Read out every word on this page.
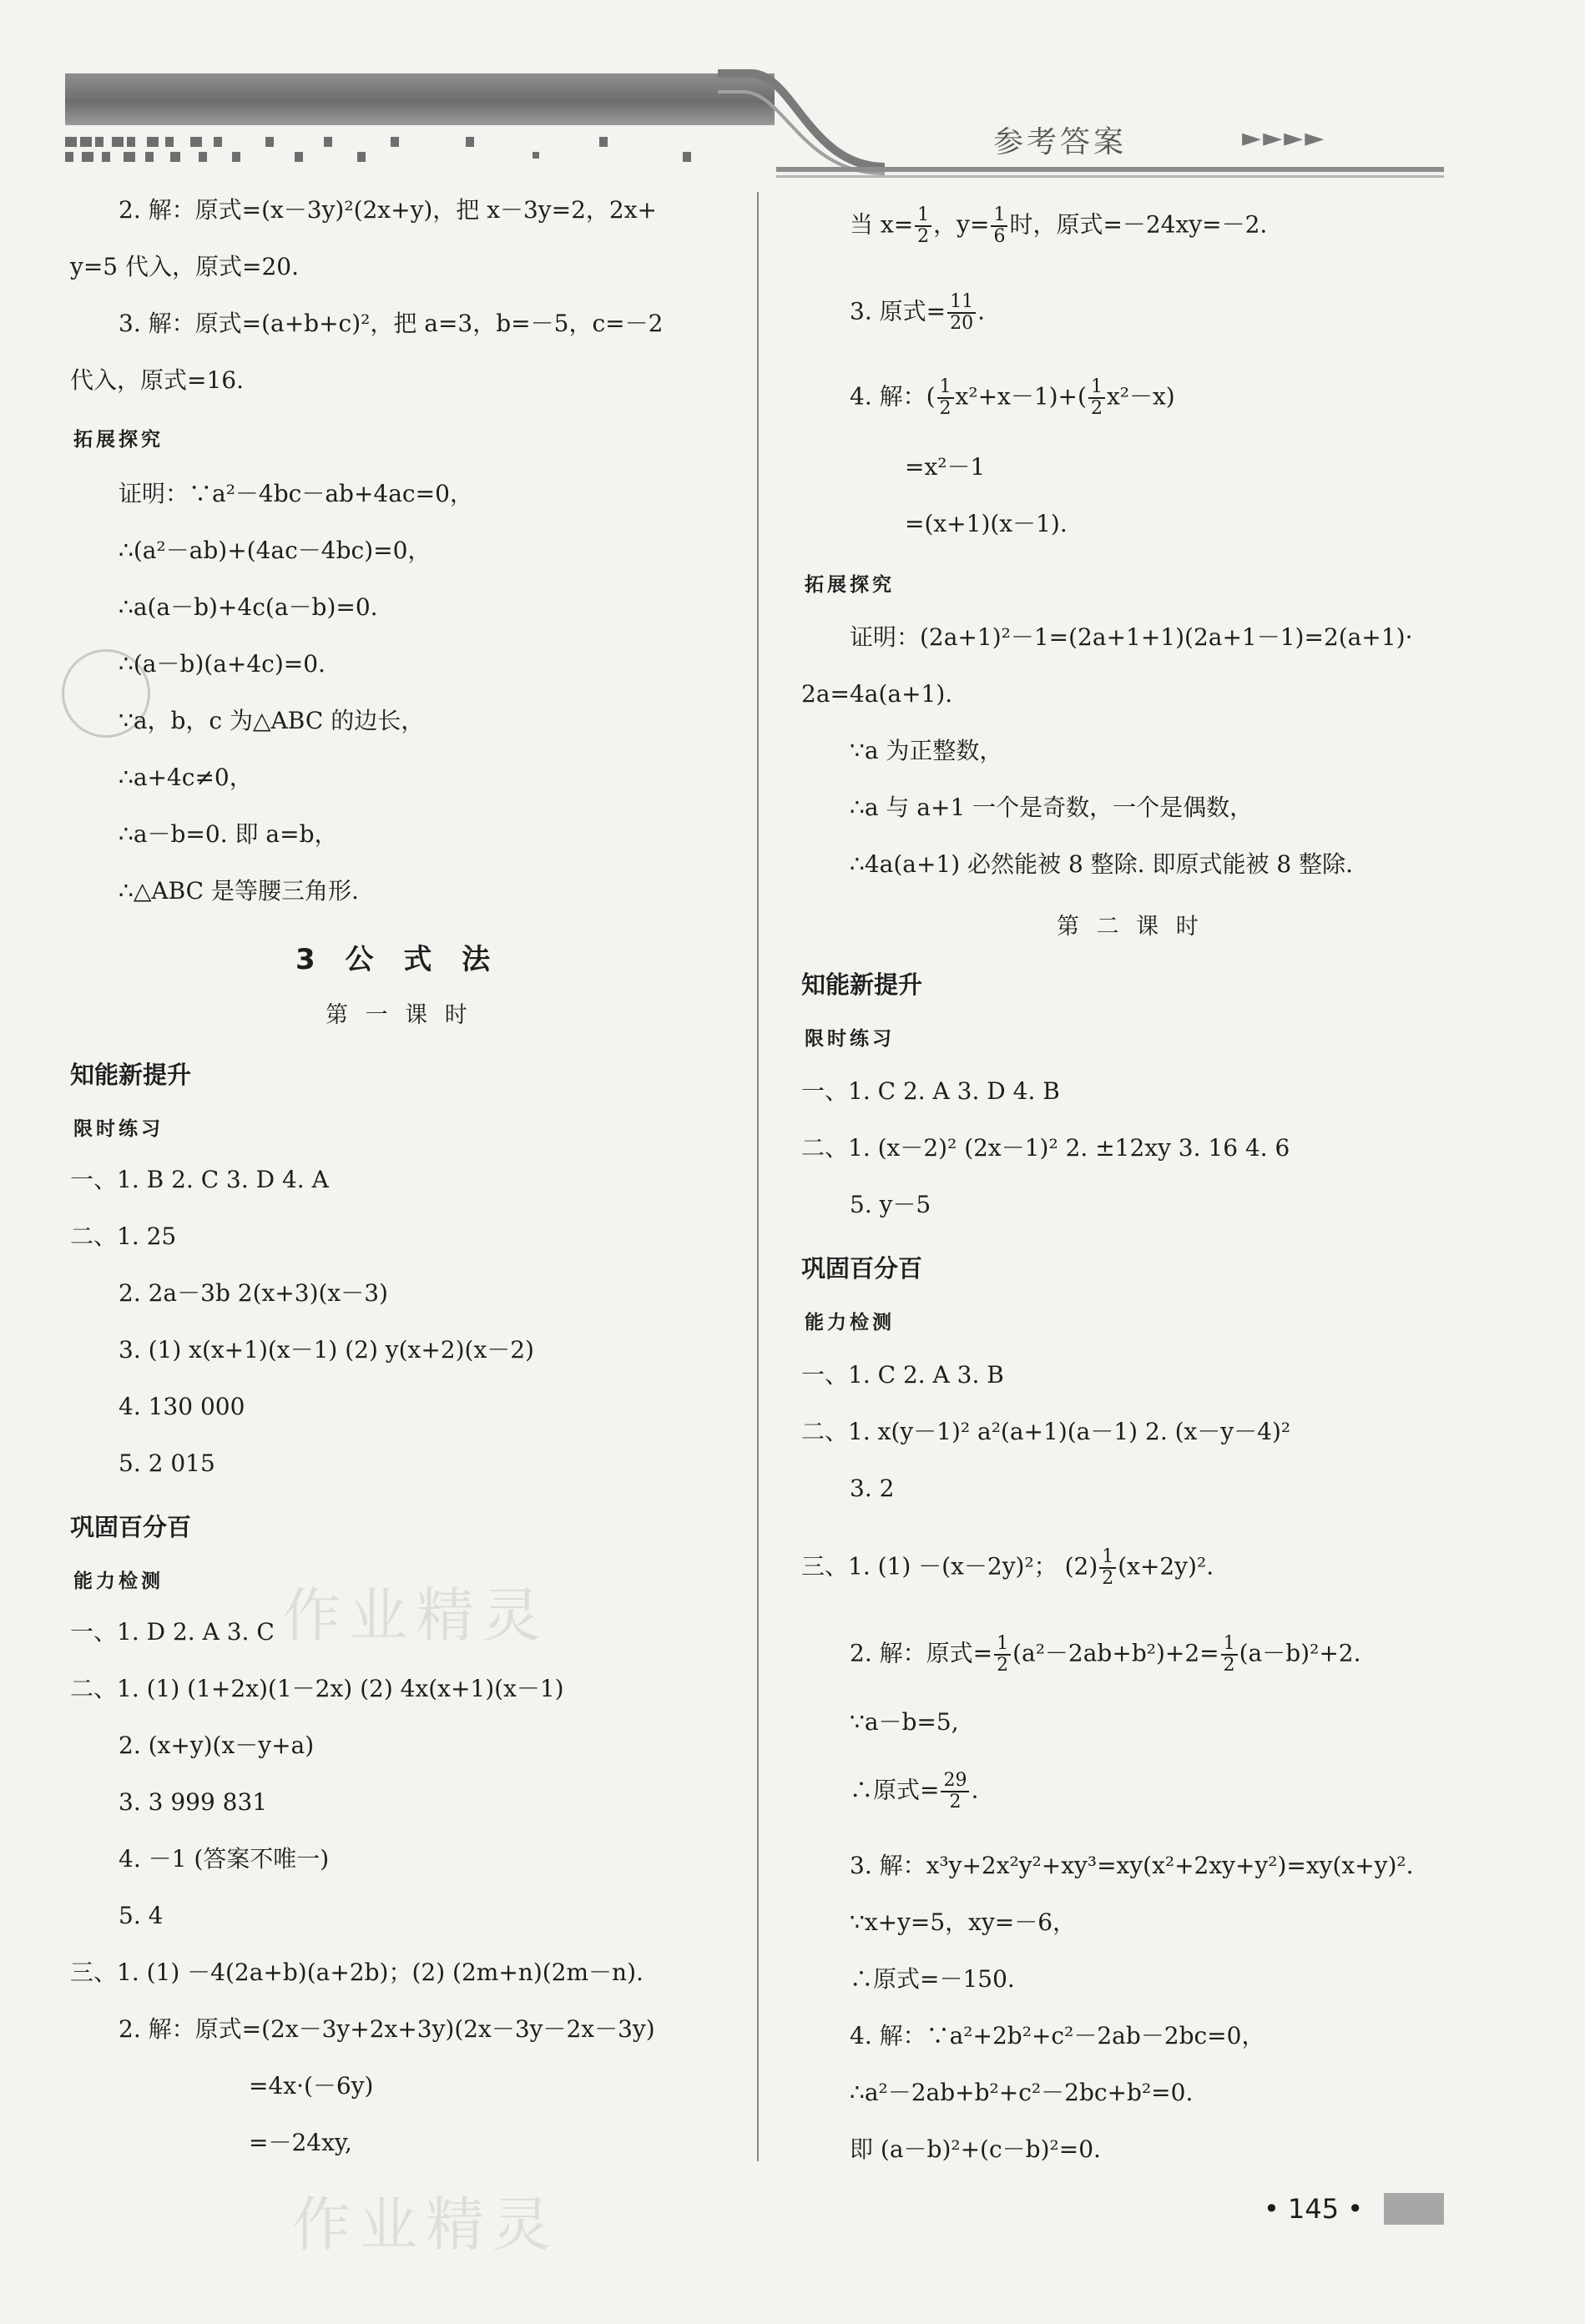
参考答案	►►►►
作业精灵
作业精灵
2. 解：原式=(x－3y)²(2x+y)，把 x－3y=2，2x+
y=5 代入，原式=20.
3. 解：原式=(a+b+c)²，把 a=3，b=－5，c=－2
代入，原式=16.
拓展探究
证明：∵a²－4bc－ab+4ac=0，
∴(a²－ab)+(4ac－4bc)=0，
∴a(a－b)+4c(a－b)=0.
∴(a－b)(a+4c)=0.
∵a，b，c 为△ABC 的边长，
∴a+4c≠0，
∴a－b=0. 即 a=b，
∴△ABC 是等腰三角形.
3 公 式 法
第 一 课 时
知能新提升
限时练习
一、1. B 2. C 3. D 4. A
二、1. 25
2. 2a－3b 2(x+3)(x－3)
3. (1) x(x+1)(x－1) (2) y(x+2)(x－2)
4. 130 000
5. 2 015
巩固百分百
能力检测
一、1. D 2. A 3. C
二、1. (1) (1+2x)(1－2x) (2) 4x(x+1)(x－1)
2. (x+y)(x－y+a)
3. 3 999 831
4. －1 (答案不唯一)
5. 4
三、1. (1) －4(2a+b)(a+2b)；(2) (2m+n)(2m－n).
2. 解：原式=(2x－3y+2x+3y)(2x－3y－2x－3y)
=4x·(－6y)
=－24xy,
当 $x= \frac{1}{2}$ ，$y= \frac{1}{6}$ 时，原式=－24xy=－2.
3. 原式= $\frac{11}{20}$ .
4. 解：( $\frac{1}{2} x^2+x-1)+( \frac{1}{2} x^2-x)$
=x²－1
=(x+1)(x－1).
拓展探究
证明：(2a+1)²－1=(2a+1+1)(2a+1－1)=2(a+1)·
2a=4a(a+1).
∵a 为正整数，
∴a 与 a+1 一个是奇数，一个是偶数，
∴4a(a+1) 必然能被 8 整除. 即原式能被 8 整除.
第 二 课 时
知能新提升
限时练习
一、1. C 2. A 3. D 4. B
二、1. (x－2)² (2x－1)² 2. ±12xy 3. 16 4. 6
5. y－5
巩固百分百
能力检测
一、1. C 2. A 3. B
二、1. x(y－1)² a²(a+1)(a－1) 2. (x－y－4)²
3. 2
三、1. (1) －(x－2y)²； $(2) \frac{1}{2} (x+2y)^2$.
2. 解：原式= $\frac{1}{2} (a^2-2ab+b^2)+2= \frac{1}{2} (a-b)^2+2$.
∵a－b=5,
∴原式= $\frac{29}{2}$ .
3. 解：x³y+2x²y²+xy³=xy(x²+2xy+y²)=xy(x+y)².
∵x+y=5，xy=－6，
∴原式=－150.
4. 解：∵a²+2b²+c²－2ab－2bc=0，
∴a²－2ab+b²+c²－2bc+b²=0.
即 (a－b)²+(c－b)²=0.
• 145 •
